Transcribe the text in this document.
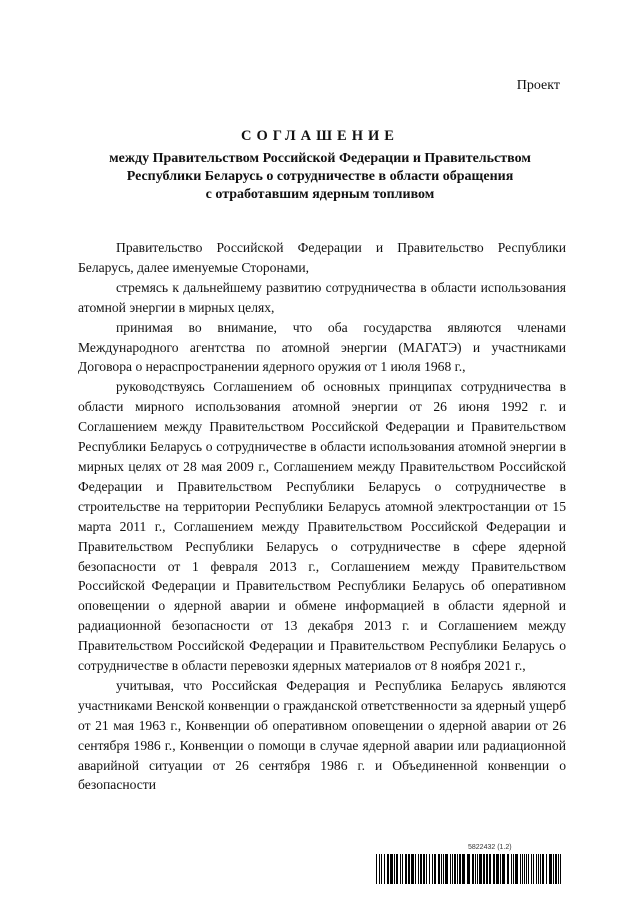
Проект
СОГЛАШЕНИЕ
между Правительством Российской Федерации и Правительством
Республики Беларусь о сотрудничестве в области обращения
с отработавшим ядерным топливом

Правительство Российской Федерации и Правительство Республики Беларусь, далее именуемые Сторонами,

стремясь к дальнейшему развитию сотрудничества в области использования атомной энергии в мирных целях,

принимая во внимание, что оба государства являются членами Международного агентства по атомной энергии (МАГАТЭ) и участниками Договора о нераспространении ядерного оружия от 1 июля 1968 г.,

руководствуясь Соглашением об основных принципах сотрудничества в области мирного использования атомной энергии от 26 июня 1992 г. и Соглашением между Правительством Российской Федерации и Правительством Республики Беларусь о сотрудничестве в области использования атомной энергии в мирных целях от 28 мая 2009 г., Соглашением между Правительством Российской Федерации и Правительством Республики Беларусь о сотрудничестве в строительстве на территории Республики Беларусь атомной электростанции от 15 марта 2011 г., Соглашением между Правительством Российской Федерации и Правительством Республики Беларусь о сотрудничестве в сфере ядерной безопасности от 1 февраля 2013 г., Соглашением между Правительством Российской Федерации и Правительством Республики Беларусь об оперативном оповещении о ядерной аварии и обмене информацией в области ядерной и радиационной безопасности от 13 декабря 2013 г. и Соглашением между Правительством Российской Федерации и Правительством Республики Беларусь о сотрудничестве в области перевозки ядерных материалов от 8 ноября 2021 г.,

учитывая, что Российская Федерация и Республика Беларусь являются участниками Венской конвенции о гражданской ответственности за ядерный ущерб от 21 мая 1963 г., Конвенции об оперативном оповещении о ядерной аварии от 26 сентября 1986 г., Конвенции о помощи в случае ядерной аварии или радиационной аварийной ситуации от 26 сентября 1986 г. и Объединенной конвенции о безопасности

5822432 (1.2)
